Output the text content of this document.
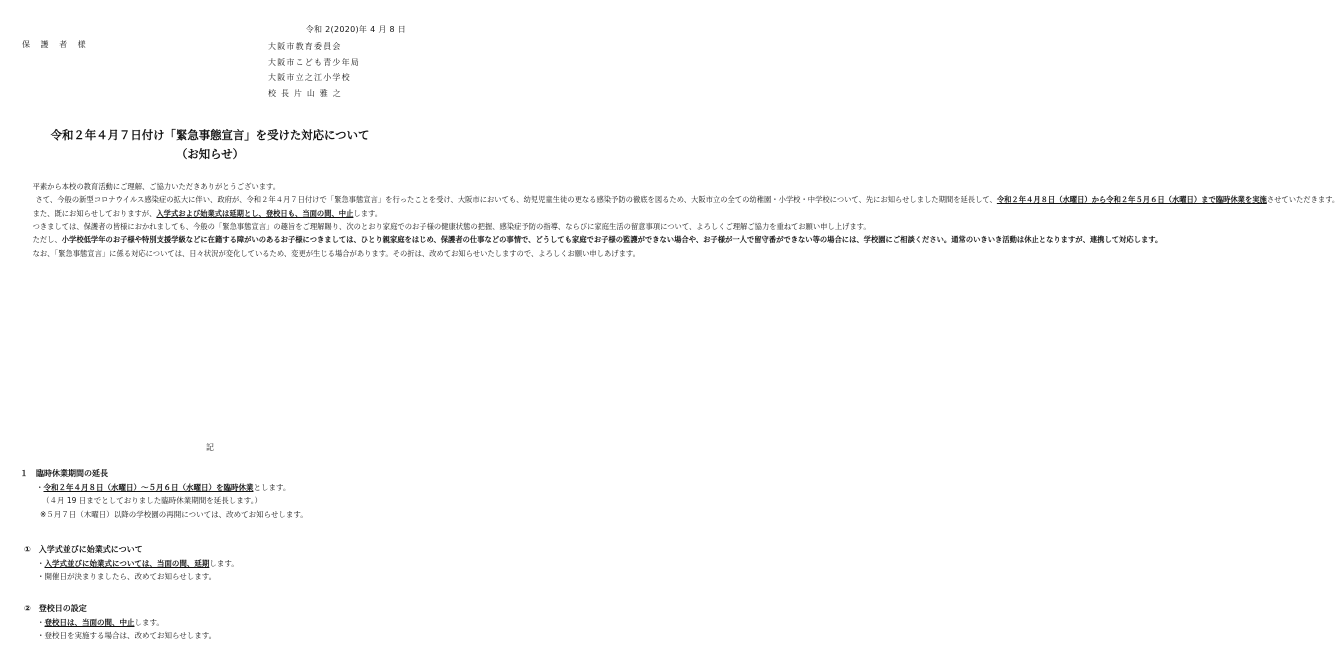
令和 2(2020)年 4 月 8 日
保 護 者 様	大阪市教育委員会
大阪市こども青少年局
大阪市立之江小学校
校 長 片 山 雅 之
令和２年４月７日付け「緊急事態宣言」を受けた対応について
（お知らせ）

平素から本校の教育活動にご理解、ご協力いただきありがとうございます。

さて、今般の新型コロナウイルス感染症の拡大に伴い、政府が、令和２年４月７日付けで「緊急事態宣言」を行ったことを受け、大阪市においても、幼児児童生徒の更なる感染予防の徹底を図るため、大阪市立の全ての幼稚園・小学校・中学校について、先にお知らせしました期間を延長して、令和２年４月８日（水曜日）から令和２年５月６日（水曜日）まで臨時休業を実施させていただきます。

また、既にお知らせしておりますが、入学式および始業式は延期とし、登校日も、当面の間、中止します。

つきましては、保護者の皆様におかれましても、今般の「緊急事態宣言」の趣旨をご理解賜り、次のとおり家庭でのお子様の健康状態の把握、感染症予防の指導、ならびに家庭生活の留意事項について、よろしくご理解ご協力を重ねてお願い申し上げます。

ただし、小学校低学年のお子様や特別支援学級などに在籍する障がいのあるお子様につきましては、ひとり親家庭をはじめ、保護者の仕事などの事情で、どうしても家庭でお子様の監護ができない場合や、お子様が一人で留守番ができない等の場合には、学校園にご相談ください。通常のいきいき活動は休止となりますが、連携して対応します。

なお、「緊急事態宣言」に係る対応については、日々状況が変化しているため、変更が生じる場合があります。その折は、改めてお知らせいたしますので、よろしくお願い申しあげます。

記
１　臨時休業期間の延長
・令和２年４月８日（水曜日）～５月６日（水曜日）を臨時休業とします。
（４月 19 日までとしておりました臨時休業期間を延長します。）
※５月７日（木曜日）以降の学校園の再開については、改めてお知らせします。
①　入学式並びに始業式について
・入学式並びに始業式については、当面の間、延期します。
・開催日が決まりましたら、改めてお知らせします。
②　登校日の設定
・登校日は、当面の間、中止します。
・登校日を実施する場合は、改めてお知らせします。
